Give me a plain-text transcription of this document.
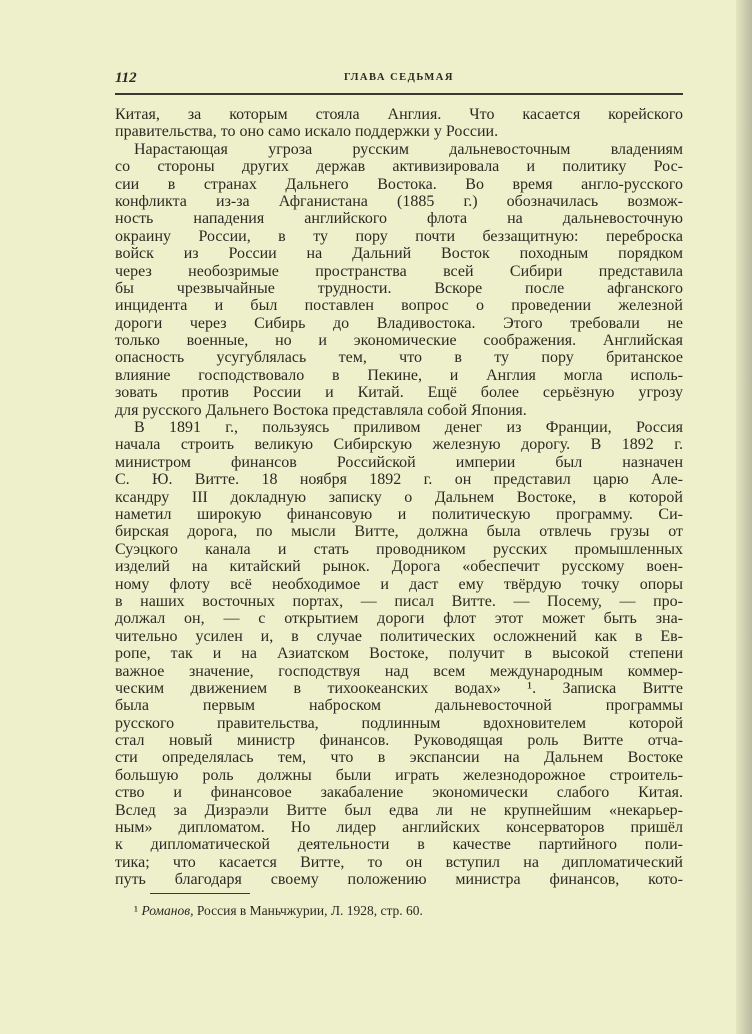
112	ГЛАВА СЕДЬМАЯ
Китая, за которым стояла Англия. Что касается корейского
правительства, то оно само искало поддержки у России.
Нарастающая угроза русским дальневосточным владениям
со стороны других держав активизировала и политику Рос-
сии в странах Дальнего Востока. Во время англо-русского
конфликта из-за Афганистана (1885 г.) обозначилась возмож-
ность нападения английского флота на дальневосточную
окраину России, в ту пору почти беззащитную: переброска
войск из России на Дальний Восток походным порядком
через необозримые пространства всей Сибири представила
бы чрезвычайные трудности. Вскоре после афганского
инцидента и был поставлен вопрос о проведении железной
дороги через Сибирь до Владивостока. Этого требовали не
только военные, но и экономические соображения. Английская
опасность усугублялась тем, что в ту пору британское
влияние господствовало в Пекине, и Англия могла исполь-
зовать против России и Китай. Ещё более серьёзную угрозу
для русского Дальнего Востока представляла собой Япония.
В 1891 г., пользуясь приливом денег из Франции, Россия
начала строить великую Сибирскую железную дорогу. В 1892 г.
министром финансов Российской империи был назначен
С. Ю. Витте. 18 ноября 1892 г. он представил царю Але-
ксандру III докладную записку о Дальнем Востоке, в которой
наметил широкую финансовую и политическую программу. Си-
бирская дорога, по мысли Витте, должна была отвлечь грузы от
Суэцкого канала и стать проводником русских промышленных
изделий на китайский рынок. Дорога «обеспечит русскому воен-
ному флоту всё необходимое и даст ему твёрдую точку опоры
в наших восточных портах, — писал Витте. — Посему, — про-
должал он, — с открытием дороги флот этот может быть зна-
чительно усилен и, в случае политических осложнений как в Ев-
ропе, так и на Азиатском Востоке, получит в высокой степени
важное значение, господствуя над всем международным коммер-
ческим движением в тихоокеанских водах» ¹. Записка Витте
была первым наброском дальневосточной программы
русского правительства, подлинным вдохновителем которой
стал новый министр финансов. Руководящая роль Витте отча-
сти определялась тем, что в экспансии на Дальнем Востоке
большую роль должны были играть железнодорожное строитель-
ство и финансовое закабаление экономически слабого Китая.
Вслед за Дизраэли Витте был едва ли не крупнейшим «некарьер-
ным» дипломатом. Но лидер английских консерваторов пришёл
к дипломатической деятельности в качестве партийного поли-
тика; что касается Витте, то он вступил на дипломатический
путь благодаря своему положению министра финансов, кото-
¹ Романов, Россия в Маньчжурии, Л. 1928, стр. 60.
